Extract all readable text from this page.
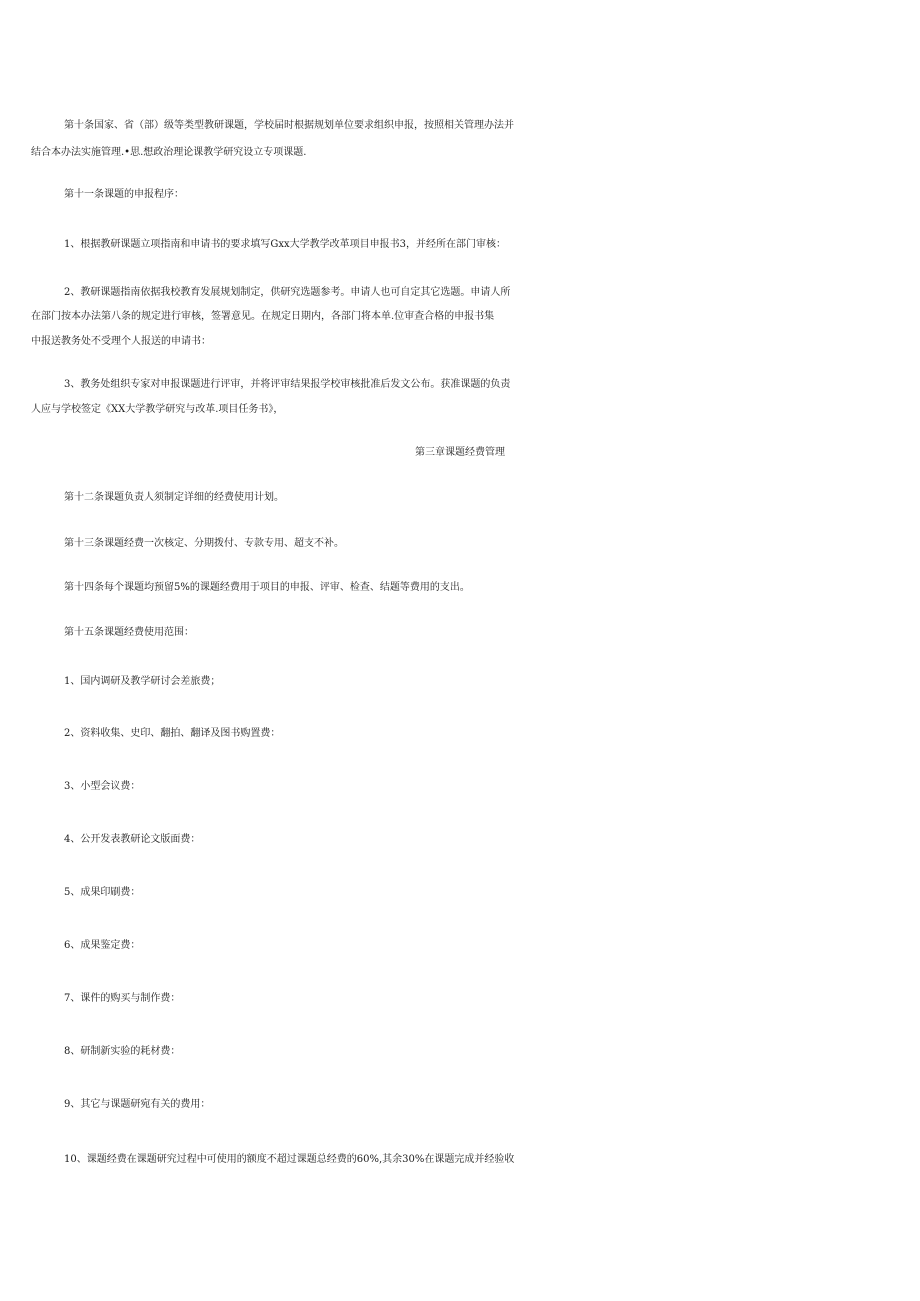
第十条国家、省（部）级等类型教研课题，学校届时根据规划单位要求组织申报，按照相关管理办法并
结合本办法实施管理.•思.想政治理论课教学研究设立专项课题.
第十一条课题的申报程序：
1、根据教研课题立项指南和申请书的要求填写Gxx大学教学改革项目申报书3，并经所在部门审核：
2、教研课题指南依据我校教育发展规划制定，供研究选题参考。申请人也可自定其它选题。申请人所
在部门按本办法第八条的规定进行审核，签署意见。在规定日期内，各部门将本单.位审查合格的申报书集
中报送教务处不受理个人报送的申请书：
3、教务处组织专家对申报课题进行评审，并将评审结果报学校审核批准后发文公布。获准课题的负责
人应与学校签定《XX大学教学研究与改革.项目任务书》，
第三章课题经费管理
第十二条课题负责人须制定详细的经费使用计划。
第十三条课题经费一次核定、分期拨付、专款专用、超支不补。
第十四条每个课题均预留5%的课题经费用于项目的申报、评审、检查、结题等费用的支出。
第十五条课题经费使用范围：
1、国内调研及教学研讨会差旅费；
2、资料收集、史印、翻拍、翻译及图书购置费：
3、小型会议费：
4、公开发表教研论文版面费：
5、成果印刷费：
6、成果鉴定费：
7、课件的购买与制作费：
8、研制新实验的耗材费：
9、其它与课题研宛有关的费用：
10、课题经费在课题研究过程中可使用的额度不超过课题总经费的60%,其余30%在课题完成并经验收
